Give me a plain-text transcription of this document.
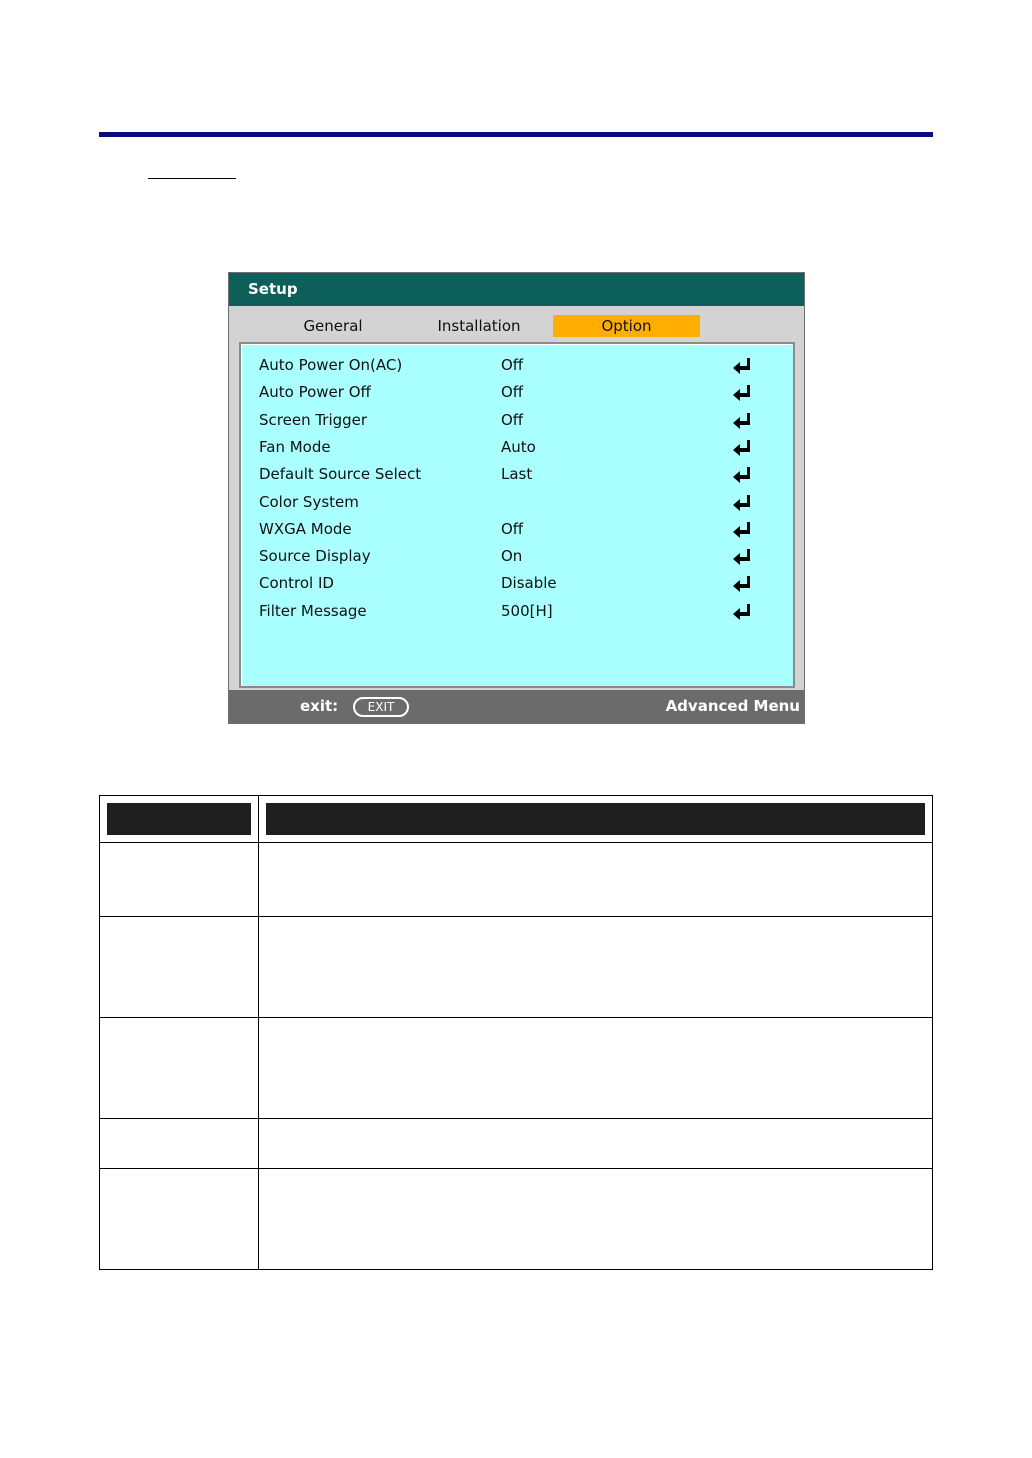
Setup
General	Installation	Option
Auto Power On(AC)	Off
Auto Power Off	Off
Screen Trigger	Off
Fan Mode	Auto
Default Source Select	Last
Color System
WXGA Mode	Off
Source Display	On
Control ID	Disable
Filter Message	500[H]
exit:	EXIT	Advanced Menu
